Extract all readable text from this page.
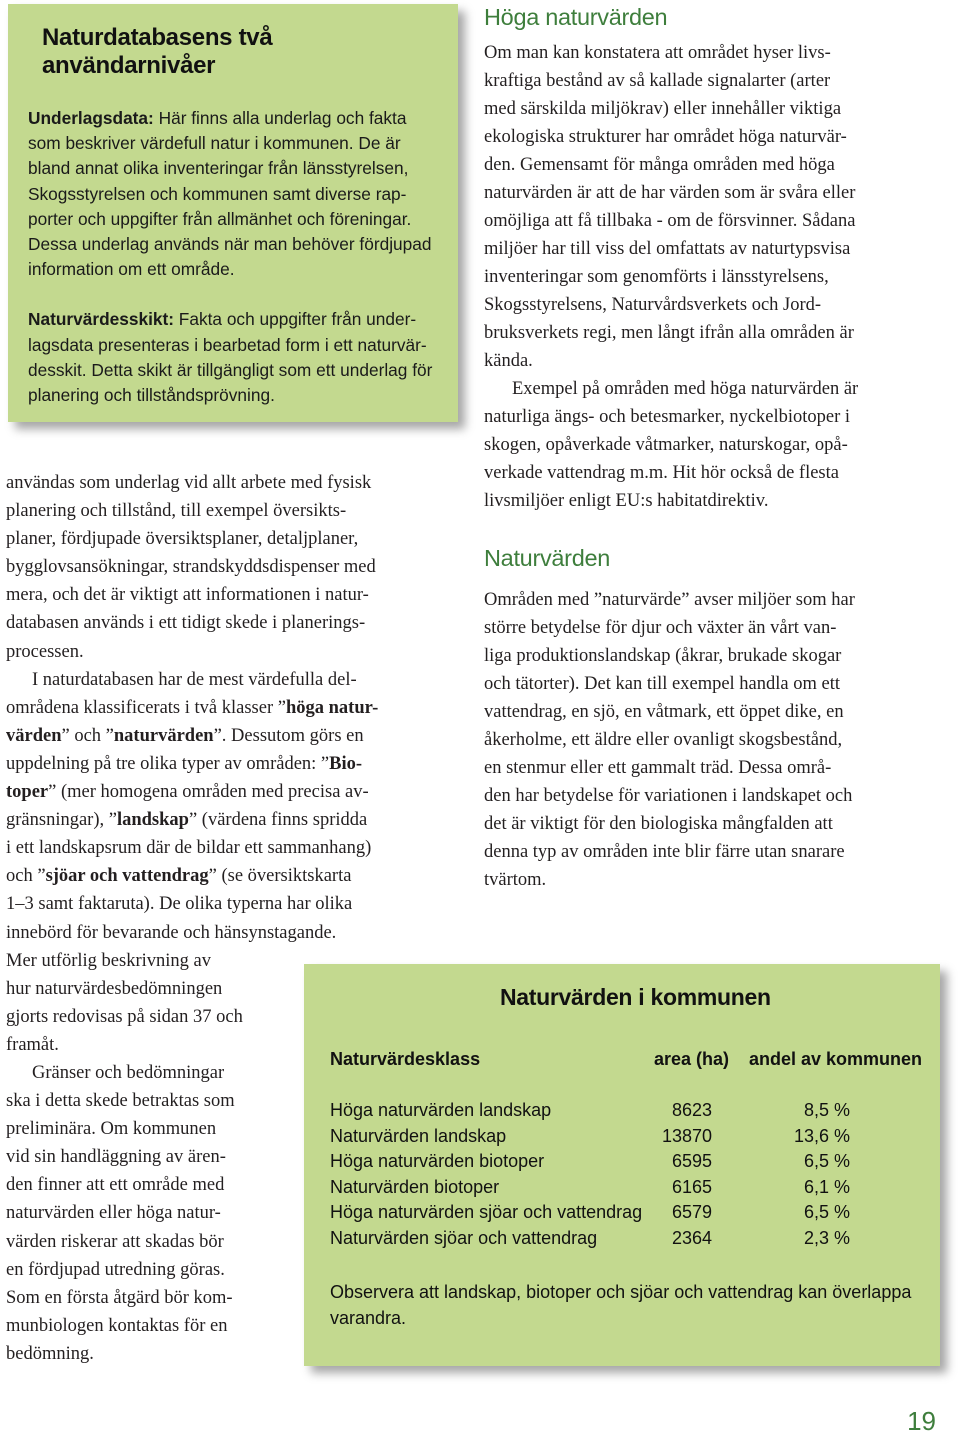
Naturdatabasens två användarnivåer
Underlagsdata: Här finns alla underlag och fakta
som beskriver värdefull natur i kommunen. De är
bland annat olika inventeringar från länsstyrelsen,
Skogsstyrelsen och kommunen samt diverse rap-
porter och uppgifter från allmänhet och föreningar.
Dessa underlag används när man behöver fördjupad
information om ett område.
Naturvärdesskikt: Fakta och uppgifter från under-
lagsdata presenteras i bearbetad form i ett naturvär-
desskit. Detta skikt är tillgängligt som ett underlag för
planering och tillståndsprövning.

användas som underlag vid allt arbete med fysisk
planering och tillstånd, till exempel översikts-
planer, fördjupade översiktsplaner, detaljplaner,
bygglovsansökningar, strandskyddsdispenser med
mera, och det är viktigt att informationen i natur-
databasen används i ett tidigt skede i planerings-
processen.

I naturdatabasen har de mest värdefulla del-
områdena klassificerats i två klasser ”höga natur-
värden” och ”naturvärden”. Dessutom görs en
uppdelning på tre olika typer av områden: ”Bio-
toper” (mer homogena områden med precisa av-
gränsningar), ”landskap” (värdena finns spridda
i ett landskapsrum där de bildar ett sammanhang)
och ”sjöar och vattendrag” (se översiktskarta
1–3 samt faktaruta). De olika typerna har olika
innebörd för bevarande och hänsynstagande.

Mer utförlig beskrivning av
hur naturvärdesbedömningen
gjorts redovisas på sidan 37 och
framåt.

Gränser och bedömningar
ska i detta skede betraktas som
preliminära. Om kommunen
vid sin handläggning av ären-
den finner att ett område med
naturvärden eller höga natur-
värden riskerar att skadas bör
en fördjupad utredning göras.
Som en första åtgärd bör kom-
munbiologen kontaktas för en
bedömning.

Höga naturvärden

Om man kan konstatera att området hyser livs-
kraftiga bestånd av så kallade signalarter (arter
med särskilda miljökrav) eller innehåller viktiga
ekologiska strukturer har området höga naturvär-
den. Gemensamt för många områden med höga
naturvärden är att de har värden som är svåra eller
omöjliga att få tillbaka - om de försvinner. Sådana
miljöer har till viss del omfattats av naturtypsvisa
inventeringar som genomförts i länsstyrelsens,
Skogsstyrelsens, Naturvårdsverkets och Jord-
bruksverkets regi, men långt ifrån alla områden är
kända.

Exempel på områden med höga naturvärden är
naturliga ängs- och betesmarker, nyckelbiotoper i
skogen, opåverkade våtmarker, naturskogar, opå-
verkade vattendrag m.m. Hit hör också de flesta
livsmiljöer enligt EU:s habitatdirektiv.

Naturvärden

Områden med ”naturvärde” avser miljöer som har
större betydelse för djur och växter än vårt van-
liga produktionslandskap (åkrar, brukade skogar
och tätorter). Det kan till exempel handla om ett
vattendrag, en sjö, en våtmark, ett öppet dike, en
åkerholme, ett äldre eller ovanligt skogsbestånd,
en stenmur eller ett gammalt träd. Dessa områ-
den har betydelse för variationen i landskapet och
det är viktigt för den biologiska mångfalden att
denna typ av områden inte blir färre utan snarare
tvärtom.

Naturvärden i kommunen
Naturvärdesklass	area (ha) andel av kommunen
Höga naturvärden landskap	8623	8,5 %
Naturvärden landskap	13870	13,6 %
Höga naturvärden biotoper	6595	6,5 %
Naturvärden biotoper	6165	6,1 %
Höga naturvärden sjöar och vattendrag 6579	6,5 %
Naturvärden sjöar och vattendrag	2364	2,3 %
Observera att landskap, biotoper och sjöar och vattendrag kan överlappa
varandra.
19
